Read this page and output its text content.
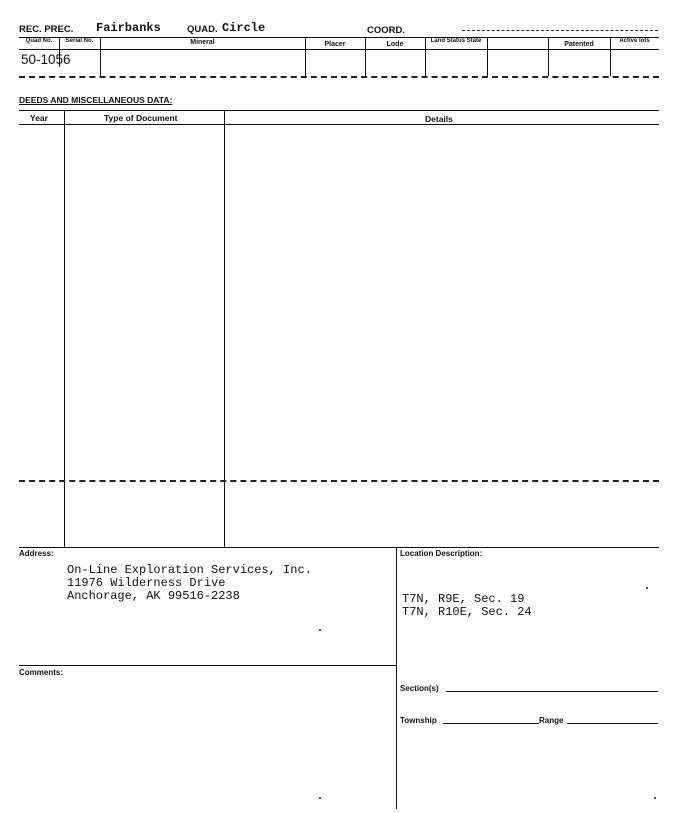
REC. PREC. Fairbanks	QUAD. Circle	COORD.
Quad No.	Serial No.	Mineral	Placer	Lode	Land Status State	Patented	Active lots
50-1056
DEEDS AND MISCELLANEOUS DATA:
Year	Type of Document	Details
Address:
On-Line Exploration Services, Inc.
11976 Wilderness Drive
Anchorage, AK 99516-2238
Location Description:
T7N, R9E, Sec. 19
T7N, R10E, Sec. 24
Comments:
Section(s)
Township	Range
